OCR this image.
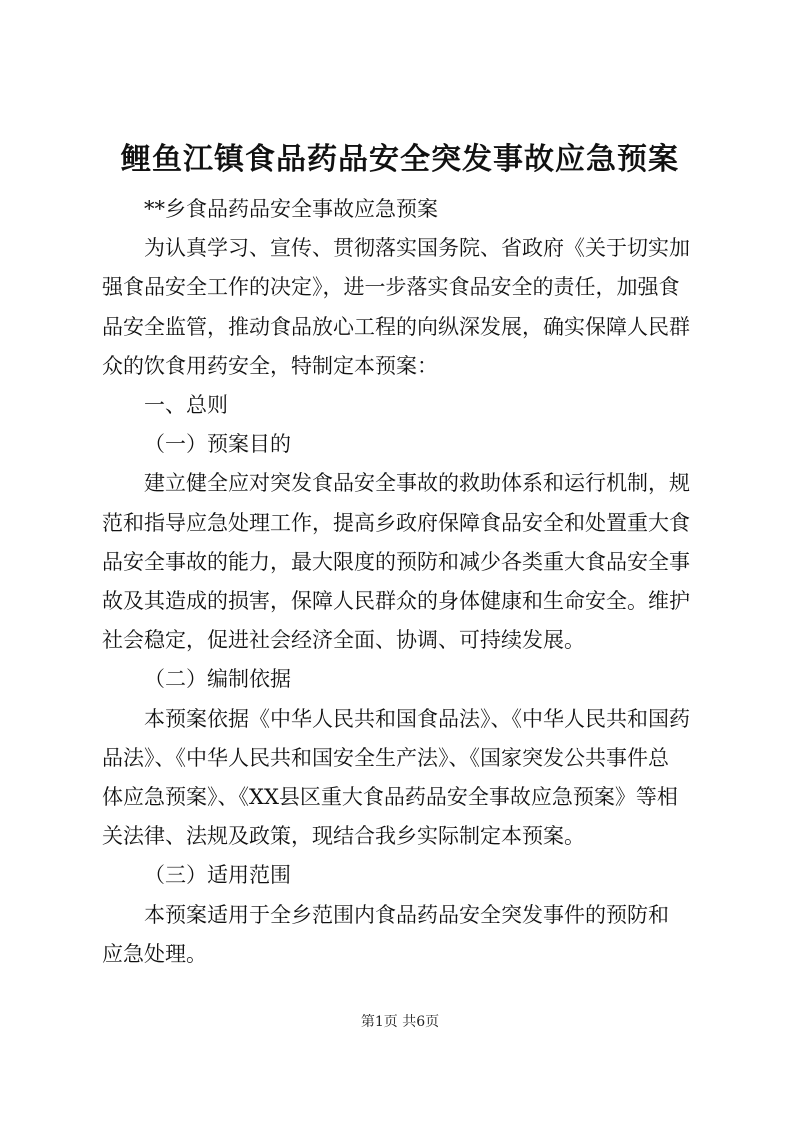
鲤鱼江镇食品药品安全突发事故应急预案
**乡食品药品安全事故应急预案
为认真学习、宣传、贯彻落实国务院、省政府《关于切实加
强食品安全工作的决定》，进一步落实食品安全的责任，加强食
品安全监管，推动食品放心工程的向纵深发展，确实保障人民群
众的饮食用药安全，特制定本预案：
一、总则
（一）预案目的
建立健全应对突发食品安全事故的救助体系和运行机制，规
范和指导应急处理工作，提高乡政府保障食品安全和处置重大食
品安全事故的能力，最大限度的预防和减少各类重大食品安全事
故及其造成的损害，保障人民群众的身体健康和生命安全。维护
社会稳定，促进社会经济全面、协调、可持续发展。
（二）编制依据
本预案依据《中华人民共和国食品法》、《中华人民共和国药
品法》、《中华人民共和国安全生产法》、《国家突发公共事件总
体应急预案》、《XX县区重大食品药品安全事故应急预案》等相
关法律、法规及政策，现结合我乡实际制定本预案。
（三）适用范围
本预案适用于全乡范围内食品药品安全突发事件的预防和
应急处理。
第1页 共6页
